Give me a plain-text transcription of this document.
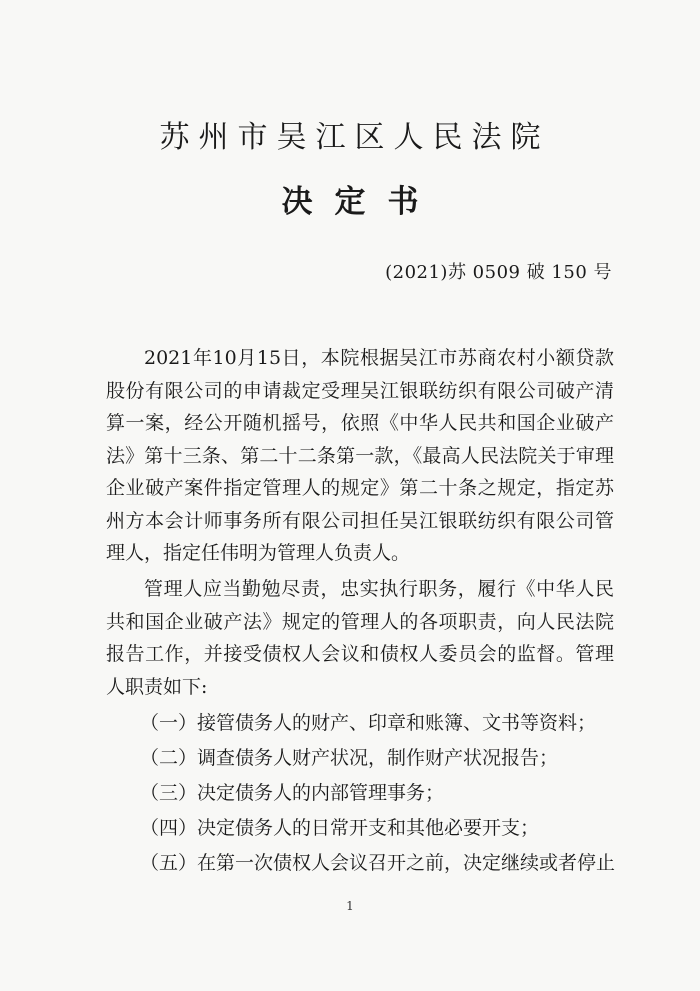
苏州市吴江区人民法院
决定书

(2021)苏 0509 破 150 号

2021年10月15日，本院根据吴江市苏商农村小额贷款股份有限公司的申请裁定受理吴江银联纺织有限公司破产清算一案，经公开随机摇号，依照《中华人民共和国企业破产法》第十三条、第二十二条第一款，《最高人民法院关于审理企业破产案件指定管理人的规定》第二十条之规定，指定苏州方本会计师事务所有限公司担任吴江银联纺织有限公司管理人，指定任伟明为管理人负责人。

管理人应当勤勉尽责，忠实执行职务，履行《中华人民共和国企业破产法》规定的管理人的各项职责，向人民法院报告工作，并接受债权人会议和债权人委员会的监督。管理人职责如下:

（一）接管债务人的财产、印章和账簿、文书等资料；

（二）调查债务人财产状况，制作财产状况报告；

（三）决定债务人的内部管理事务；

（四）决定债务人的日常开支和其他必要开支；

（五）在第一次债权人会议召开之前，决定继续或者停止

1
